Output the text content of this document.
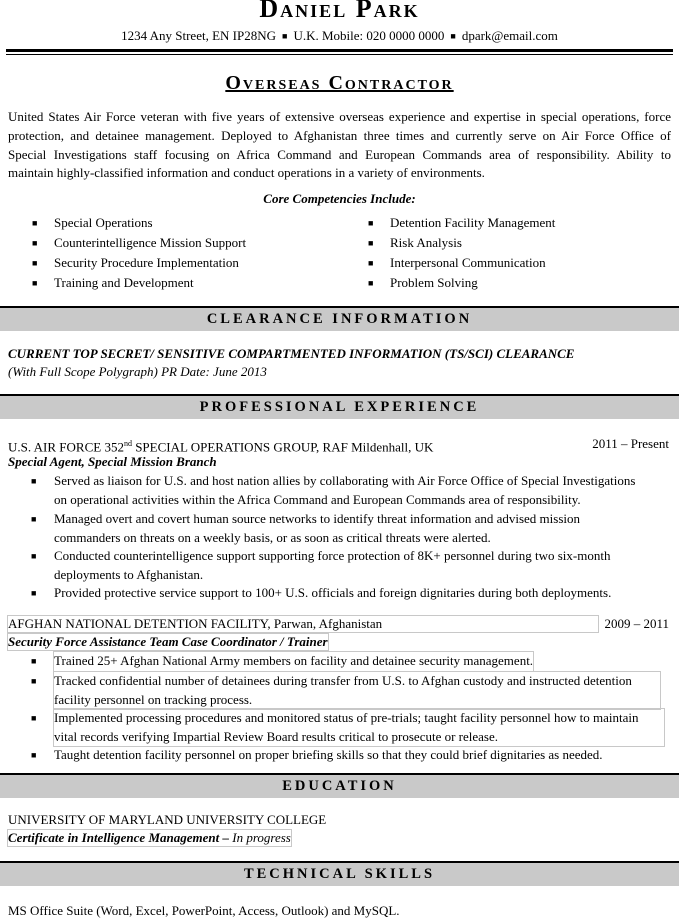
Daniel Park
1234 Any Street, EN IP28NG ■ U.K. Mobile: 020 0000 0000 ■ dpark@email.com
Overseas Contractor
United States Air Force veteran with five years of extensive overseas experience and expertise in special operations, force
protection, and detainee management. Deployed to Afghanistan three times and currently serve on Air Force Office of
Special Investigations staff focusing on Africa Command and European Commands area of responsibility. Ability to
maintain highly-classified information and conduct operations in a variety of environments.
Core Competencies Include:
■ Special Operations
■ Counterintelligence Mission Support
■ Security Procedure Implementation
■ Training and Development
■ Detention Facility Management
■ Risk Analysis
■ Interpersonal Communication
■ Problem Solving
CLEARANCE INFORMATION
CURRENT TOP SECRET/ SENSITIVE COMPARTMENTED INFORMATION (TS/SCI) CLEARANCE
(With Full Scope Polygraph) PR Date: June 2013
PROFESSIONAL EXPERIENCE
U.S. AIR FORCE 352nd SPECIAL OPERATIONS GROUP, RAF Mildenhall, UK	2011 – Present
Special Agent, Special Mission Branch
■ Served as liaison for U.S. and host nation allies by collaborating with Air Force Office of Special Investigations
on operational activities within the Africa Command and European Commands area of responsibility.
■ Managed overt and covert human source networks to identify threat information and advised mission
commanders on threats on a weekly basis, or as soon as critical threats were alerted.
■ Conducted counterintelligence support supporting force protection of 8K+ personnel during two six-month
deployments to Afghanistan.
■ Provided protective service support to 100+ U.S. officials and foreign dignitaries during both deployments.
AFGHAN NATIONAL DETENTION FACILITY, Parwan, Afghanistan	2009 – 2011
Security Force Assistance Team Case Coordinator / Trainer
■ Trained 25+ Afghan National Army members on facility and detainee security management.
■ Tracked confidential number of detainees during transfer from U.S. to Afghan custody and instructed detention
facility personnel on tracking process.
■ Implemented processing procedures and monitored status of pre-trials; taught facility personnel how to maintain
vital records verifying Impartial Review Board results critical to prosecute or release.
■ Taught detention facility personnel on proper briefing skills so that they could brief dignitaries as needed.
EDUCATION
UNIVERSITY OF MARYLAND UNIVERSITY COLLEGE
Certificate in Intelligence Management – In progress
TECHNICAL SKILLS
MS Office Suite (Word, Excel, PowerPoint, Access, Outlook) and MySQL.
